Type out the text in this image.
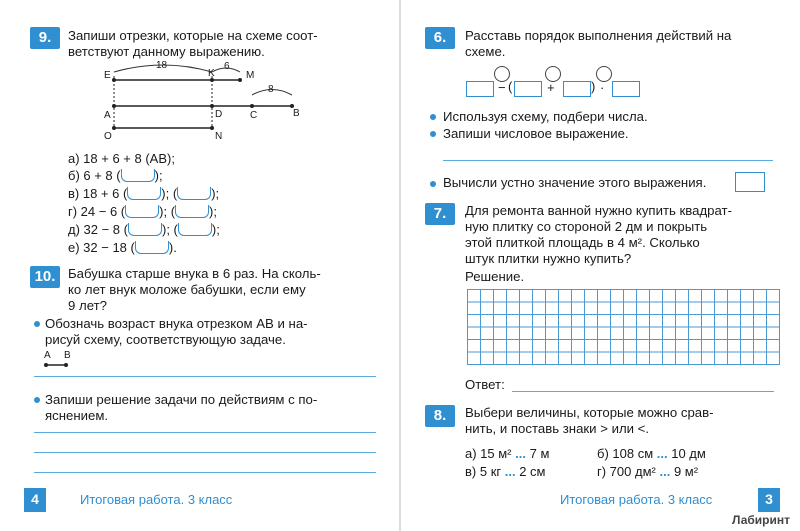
9.	Запиши отрезки, которые на схеме соот-
ветствуют данному выражению.
E	K	M
18	6
8
A	D	C	B
O	N
а) 18 + 6 + 8 (АВ);
б) 6 + 8 (	);
в) 18 + 6 (	); (	);
г) 24 − 6 (	); (	);
д) 32 − 8 (	); (	);
е) 32 − 18 (	).
10. Бабушка старше внука в 6 раз. На сколь-
ко лет внук моложе бабушки, если ему
9 лет?
Обозначь возраст внука отрезком АВ и на-
рисуй схему, соответствующую задаче.
A B
Запиши решение задачи по действиям с по-
яснением.
4	Итоговая работа. 3 класс
6.	Расставь порядок выполнения действий на
схеме.
− (	+	) ·
Используя схему, подбери числа.
Запиши числовое выражение.
Вычисли устно значение этого выражения.
7.	Для ремонта ванной нужно купить квадрат-
ную плитку со стороной 2 дм и покрыть
этой плиткой площадь в 4 м². Сколько
штук плитки нужно купить?
Решение.
Ответ:
8.	Выбери величины, которые можно срав-
нить, и поставь знаки > или <.
а) 15 м² ... 7 м	б) 108 см ... 10 дм
в) 5 кг ... 2 см	г) 700 дм² ... 9 м²
Итоговая работа. 3 класс	3
Лабиринт
